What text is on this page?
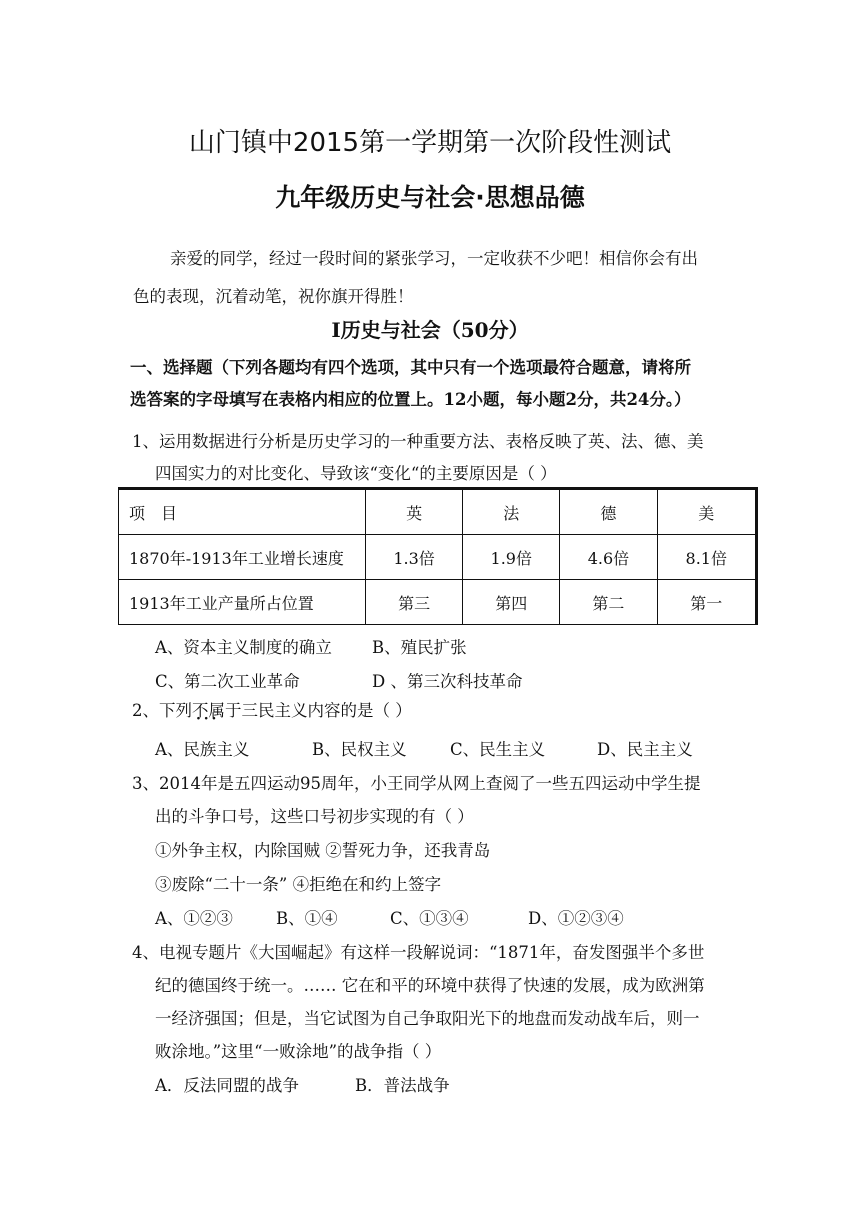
山门镇中2015第一学期第一次阶段性测试
九年级历史与社会·思想品德
亲爱的同学，经过一段时间的紧张学习，一定收获不少吧！相信你会有出
色的表现，沉着动笔，祝你旗开得胜！
Ⅰ历史与社会（50分）
一、选择题（下列各题均有四个选项，其中只有一个选项最符合题意，请将所
选答案的字母填写在表格内相应的位置上。12小题，每小题2分，共24分。）
1、运用数据进行分析是历史学习的一种重要方法、表格反映了英、法、德、美
四国实力的对比变化、导致该“变化“的主要原因是（ ）
项　目	英	法	德	美
1870年-1913年工业增长速度	1.3倍	1.9倍	4.6倍	8.1倍
1913年工业产量所占位置	第三	第四	第二	第一
A、资本主义制度的确立 B、殖民扩张
C、第二次工业革命	D 、第三次科技革命
2、下列不属于 · · ·三民主义内容的是（ ）
A、民族主义	B、民权主义	C、民生主义	D、民主主义
3、2014年是五四运动95周年，小王同学从网上查阅了一些五四运动中学生提
出的斗争口号，这些口号初步实现的有（ ）
①外争主权，内除国贼 ②誓死力争，还我青岛
③废除“二十一条” ④拒绝在和约上签字
A、①②③	B、①④	C、①③④	D、①②③④
4、电视专题片《大国崛起》有这样一段解说词：“1871年，奋发图强半个多世
纪的德国终于统一。…… 它在和平的环境中获得了快速的发展，成为欧洲第
一经济强国；但是，当它试图为自己争取阳光下的地盘而发动战车后，则一
败涂地。”这里“一败涂地”的战争指（ ）
A．反法同盟的战争	B．普法战争
